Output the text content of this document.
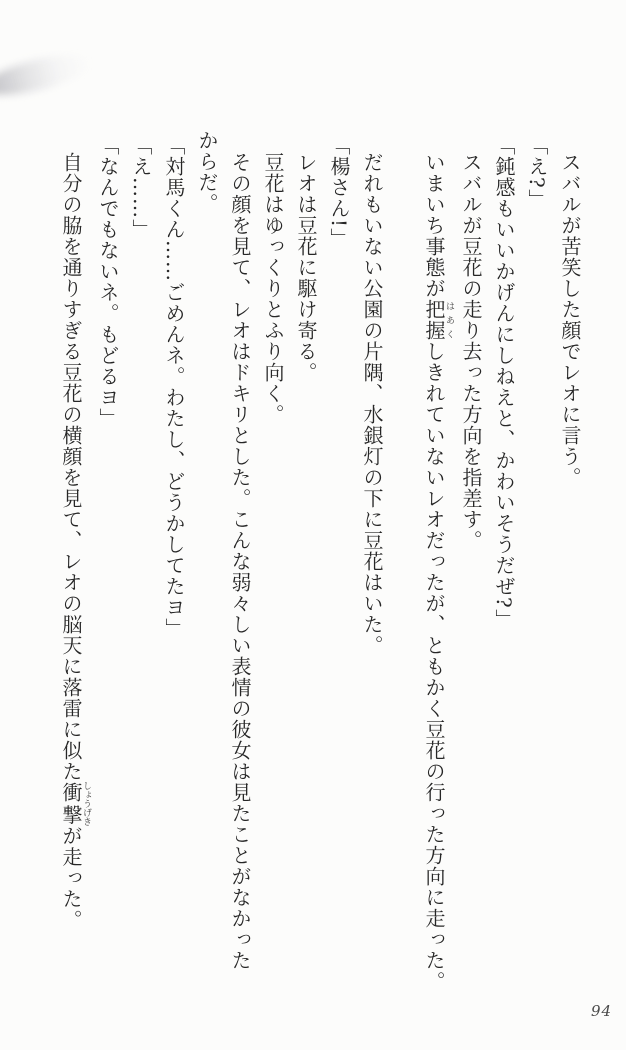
スバルが苦笑した顔でレオに言う。
「え?」
「鈍感もいいかげんにしねえと、かわいそうだぜ?」
スバルが豆花の走り去った方向を指差す。
いまいち事態が把握はあくしきれていないレオだったが、ともかく豆花の行った方向に走った。
だれもいない公園の片隅、水銀灯の下に豆花はいた。
「楊さん!」
レオは豆花に駆け寄る。
豆花はゆっくりとふり向く。
その顔を見て、レオはドキリとした。こんな弱々しい表情の彼女は見たことがなかった
からだ。
「対馬くん……ごめんネ。わたし、どうかしてたヨ」
「え……」
「なんでもないネ。もどるヨ」
自分の脇を通りすぎる豆花の横顔を見て、レオの脳天に落雷に似た衝撃しょうげきが走った。
94
